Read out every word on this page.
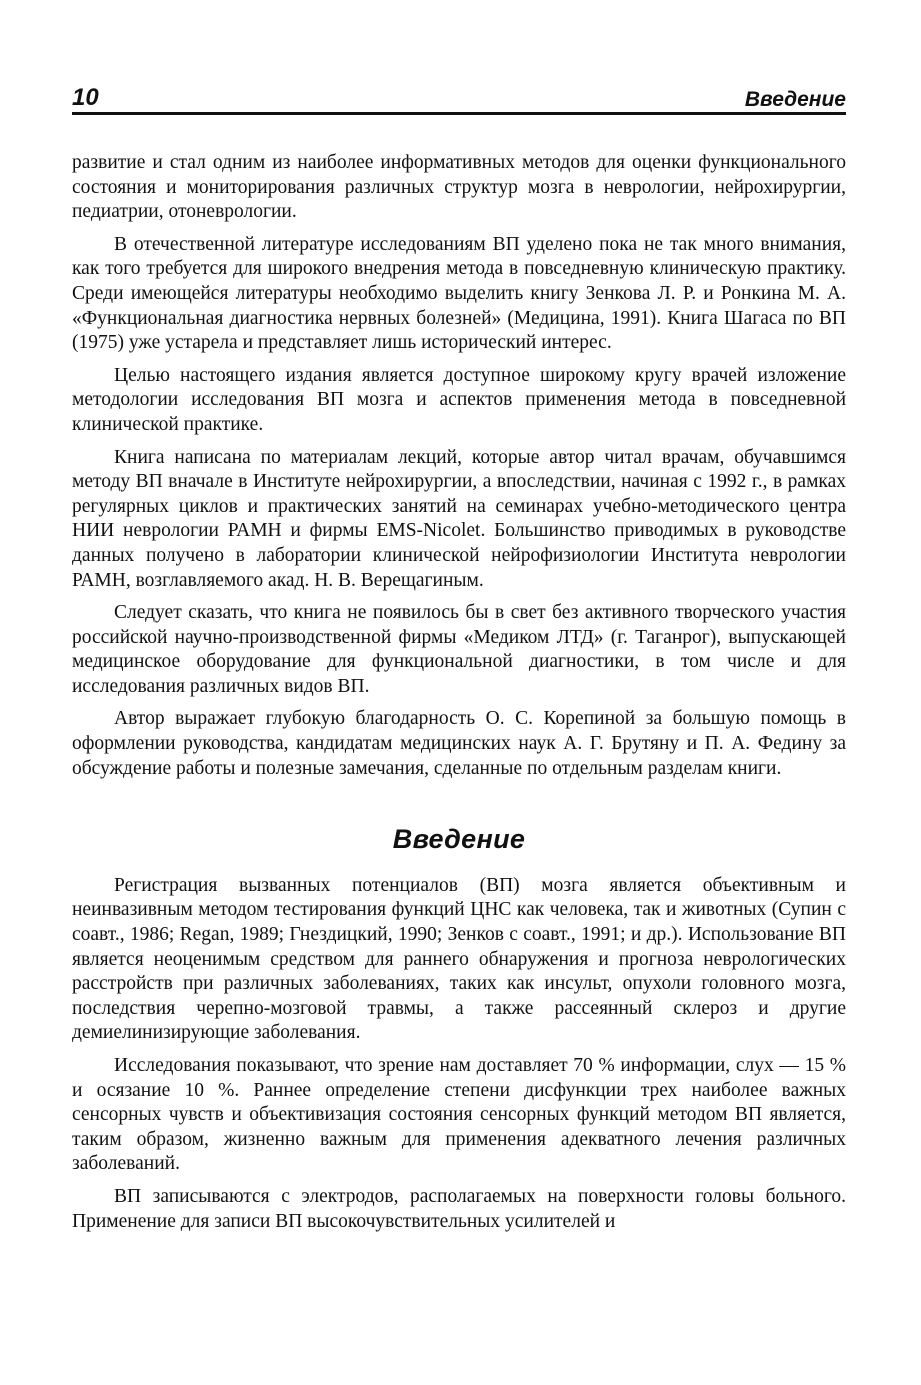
10	Введение

развитие и стал одним из наиболее информативных методов для оценки функционального состояния и мониторирования различных структур мозга в неврологии, нейрохирургии, педиатрии, отоневрологии.

В отечественной литературе исследованиям ВП уделено пока не так много внимания, как того требуется для широкого внедрения метода в повседневную клиническую практику. Среди имеющейся литературы необходимо выделить книгу Зенкова Л. Р. и Ронкина М. А. «Функциональная диагностика нервных болезней» (Медицина, 1991). Книга Шагаса по ВП (1975) уже устарела и представляет лишь исторический интерес.

Целью настоящего издания является доступное широкому кругу врачей изложение методологии исследования ВП мозга и аспектов применения метода в повседневной клинической практике.

Книга написана по материалам лекций, которые автор читал врачам, обучавшимся методу ВП вначале в Институте нейрохирургии, а впоследствии, начиная с 1992 г., в рамках регулярных циклов и практических занятий на семинарах учебно-методического центра НИИ неврологии РАМН и фирмы EMS-Nicolet. Большинство приводимых в руководстве данных получено в лаборатории клинической нейрофизиологии Института неврологии РАМН, возглавляемого акад. Н. В. Верещагиным.

Следует сказать, что книга не появилось бы в свет без активного творческого участия российской научно-производственной фирмы «Медиком ЛТД» (г. Таганрог), выпускающей медицинское оборудование для функциональной диагностики, в том числе и для исследования различных видов ВП.

Автор выражает глубокую благодарность О. С. Корепиной за большую помощь в оформлении руководства, кандидатам медицинских наук А. Г. Брутяну и П. А. Федину за обсуждение работы и полезные замечания, сделанные по отдельным разделам книги.

Введение

Регистрация вызванных потенциалов (ВП) мозга является объективным и неинвазивным методом тестирования функций ЦНС как человека, так и животных (Супин с соавт., 1986; Regan, 1989; Гнездицкий, 1990; Зенков с соавт., 1991; и др.). Использование ВП является неоценимым средством для раннего обнаружения и прогноза неврологических расстройств при различных заболеваниях, таких как инсульт, опухоли головного мозга, последствия черепно-мозговой травмы, а также рассеянный склероз и другие демиелинизирующие заболевания.

Исследования показывают, что зрение нам доставляет 70 % информации, слух — 15 % и осязание 10 %. Раннее определение степени дисфункции трех наиболее важных сенсорных чувств и объективизация состояния сенсорных функций методом ВП является, таким образом, жизненно важным для применения адекватного лечения различных заболеваний.

ВП записываются с электродов, располагаемых на поверхности головы больного. Применение для записи ВП высокочувствительных усилителей и
